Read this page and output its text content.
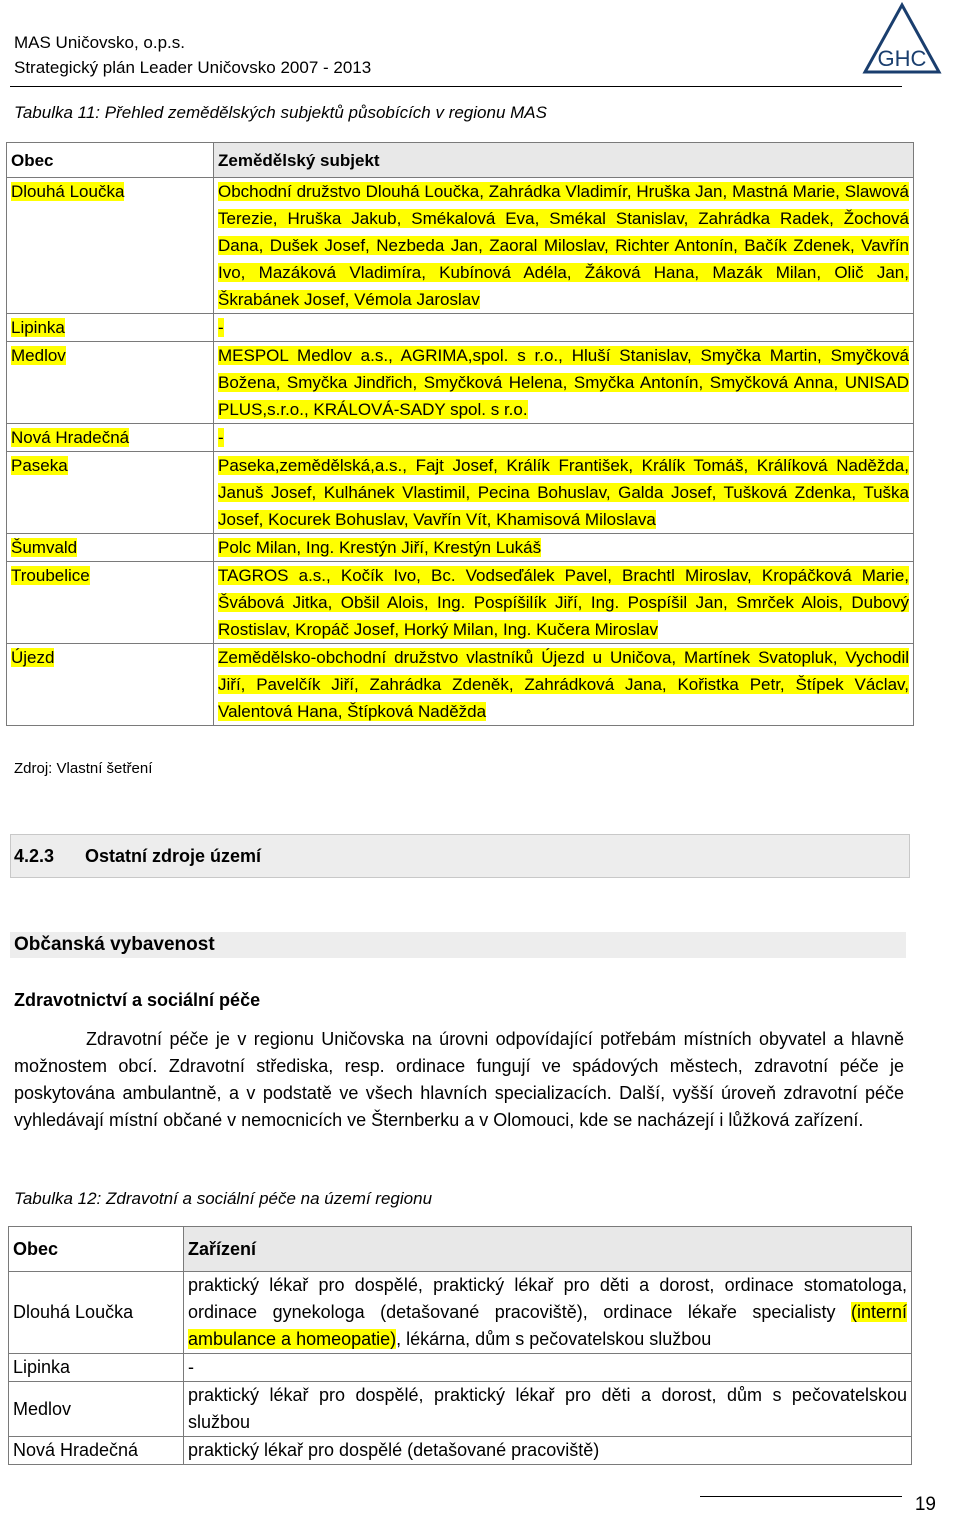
MAS Uničovsko, o.p.s.
Strategický plán Leader Uničovsko 2007 - 2013	GHC
Tabulka 11: Přehled zemědělských subjektů působících v regionu MAS
Obec	Zemědělský subjekt
Dlouhá Loučka	Obchodní družstvo Dlouhá Loučka, Zahrádka Vladimír, Hruška Jan, Mastná Marie, Slawová Terezie, Hruška Jakub, Smékalová Eva, Smékal Stanislav, Zahrádka Radek, Žochová Dana, Dušek Josef, Nezbeda Jan, Zaoral Miloslav, Richter Antonín, Bačík Zdenek, Vavřín Ivo, Mazáková Vladimíra, Kubínová Adéla, Žáková Hana, Mazák Milan, Olič Jan, Škrabánek Josef, Vémola Jaroslav
Lipinka	-
Medlov	MESPOL Medlov a.s., AGRIMA,spol. s r.o., Hluší Stanislav, Smyčka Martin, Smyčková Božena, Smyčka Jindřich, Smyčková Helena, Smyčka Antonín, Smyčková Anna, UNISAD PLUS,s.r.o., KRÁLOVÁ-SADY spol. s r.o.
Nová Hradečná	-
Paseka	Paseka,zemědělská,a.s., Fajt Josef, Králík František, Králík Tomáš, Králíková Naděžda, Januš Josef, Kulhánek Vlastimil, Pecina Bohuslav, Galda Josef, Tušková Zdenka, Tuška Josef, Kocurek Bohuslav, Vavřín Vít, Khamisová Miloslava
Šumvald	Polc Milan, Ing. Krestýn Jiří, Krestýn Lukáš
Troubelice	TAGROS a.s., Kočík Ivo, Bc. Vodseďálek Pavel, Brachtl Miroslav, Kropáčková Marie, Švábová Jitka, Obšil Alois, Ing. Pospíšilík Jiří, Ing. Pospíšil Jan, Smrček Alois, Dubový Rostislav, Kropáč Josef, Horký Milan, Ing. Kučera Miroslav
Újezd	Zemědělsko-obchodní družstvo vlastníků Újezd u Uničova, Martínek Svatopluk, Vychodil Jiří, Pavelčík Jiří, Zahrádka Zdeněk, Zahrádková Jana, Kořistka Petr, Štípek Václav, Valentová Hana, Štípková Naděžda
Zdroj: Vlastní šetření
4.2.3 Ostatní zdroje území
Občanská vybavenost
Zdravotnictví a sociální péče
Zdravotní péče je v regionu Uničovska na úrovni odpovídající potřebám místních obyvatel a hlavně možnostem obcí. Zdravotní střediska, resp. ordinace fungují ve spádových městech, zdravotní péče je poskytována ambulantně, a v podstatě ve všech hlavních specializacích. Další, vyšší úroveň zdravotní péče vyhledávají místní občané v nemocnicích ve Šternberku a v Olomouci, kde se nacházejí i lůžková zařízení.
Tabulka 12: Zdravotní a sociální péče na území regionu
Obec	Zařízení
Dlouhá Loučka	praktický lékař pro dospělé, praktický lékař pro děti a dorost, ordinace stomatologa, ordinace gynekologa (detašované pracoviště), ordinace lékaře specialisty (interní ambulance a homeopatie), lékárna, dům s pečovatelskou službou
Lipinka	-
Medlov	praktický lékař pro dospělé, praktický lékař pro děti a dorost, dům s pečovatelskou službou
Nová Hradečná	praktický lékař pro dospělé (detašované pracoviště)
19
